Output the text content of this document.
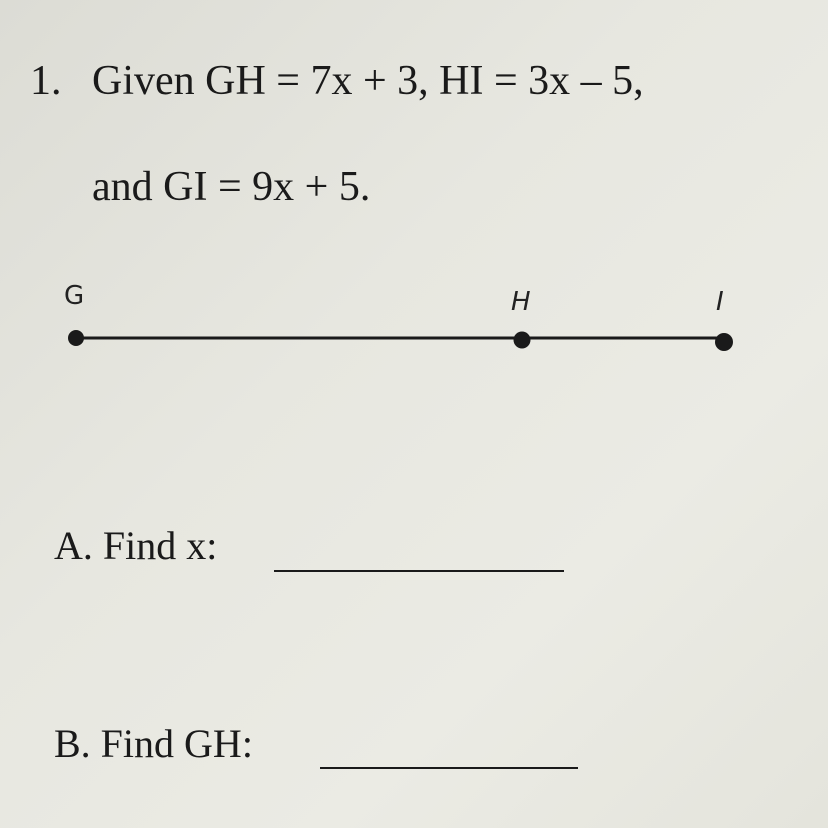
1. Given GH = 7x + 3, HI = 3x – 5,
and GI = 9x + 5.
G	H	I
A. Find x:
B. Find GH:
